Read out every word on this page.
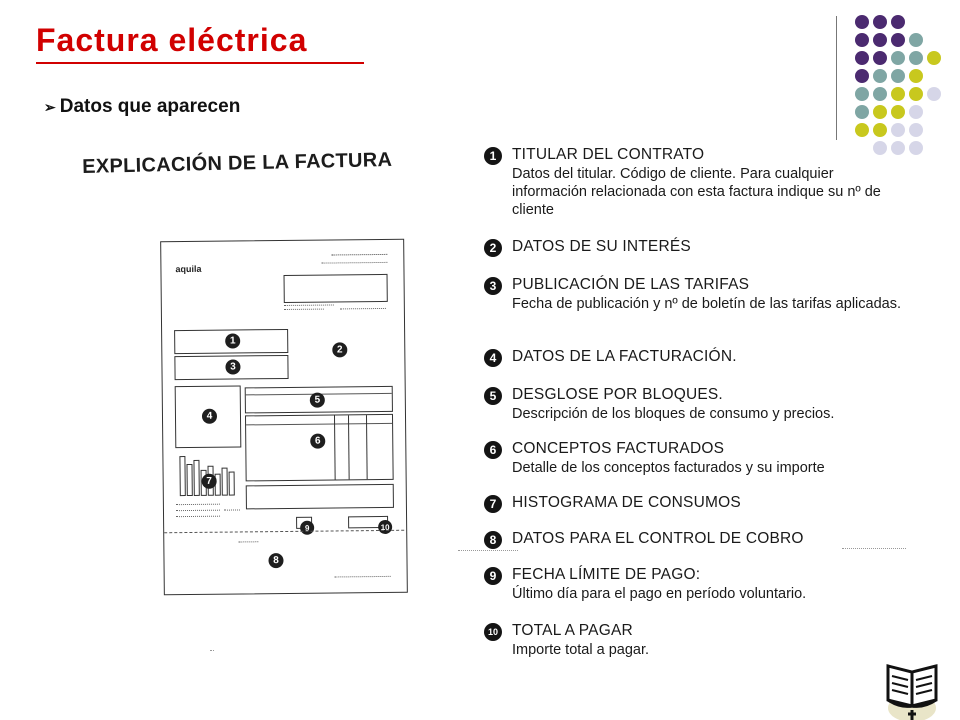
Factura eléctrica
➢ Datos que aparecen
EXPLICACIÓN DE LA FACTURA
aquila
1
2
3
4
5
6
7
9	10
8
1	TITULAR DEL CONTRATO
Datos del titular. Código de cliente. Para cualquier información relacionada con esta factura indique su nº de cliente
2	DATOS DE SU INTERÉS
3	PUBLICACIÓN DE LAS TARIFAS
Fecha de publicación y nº de boletín de las tarifas aplicadas.
4	DATOS DE LA FACTURACIÓN.
5	DESGLOSE POR BLOQUES.
Descripción de los bloques de consumo y precios.
6	CONCEPTOS FACTURADOS
Detalle de los conceptos facturados y su importe
7	HISTOGRAMA DE CONSUMOS
8	DATOS PARA EL CONTROL DE COBRO
9	FECHA LÍMITE DE PAGO:
Último día para el pago en período voluntario.
10 TOTAL A PAGAR
Importe total a pagar.
